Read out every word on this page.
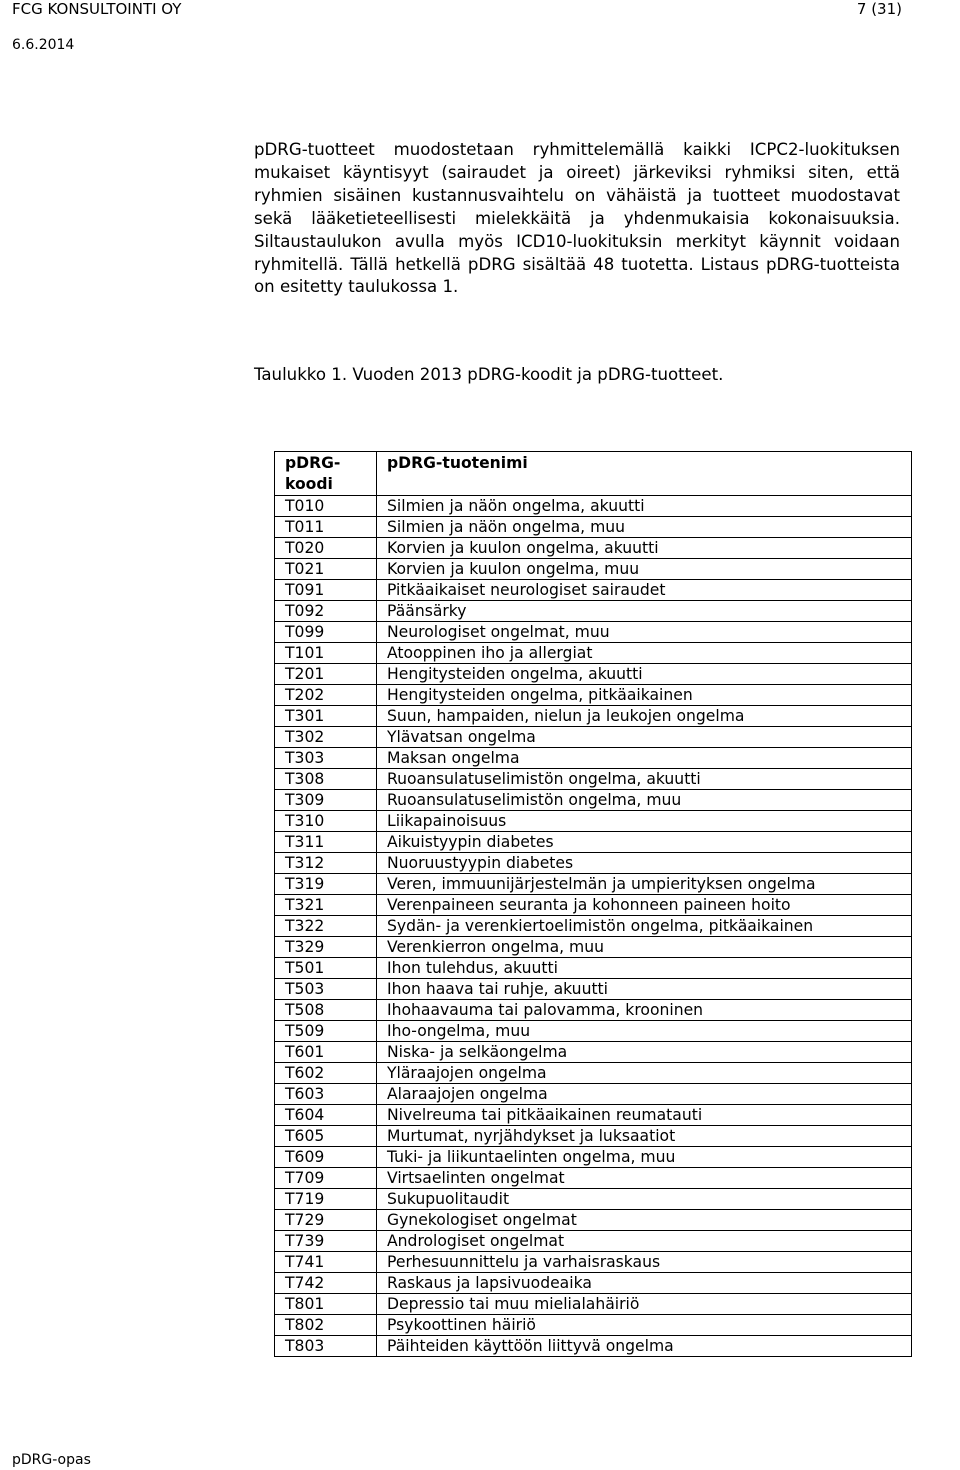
FCG KONSULTOINTI OY	7 (31)
6.6.2014

pDRG-tuotteet muodostetaan ryhmittelemällä kaikki ICPC2-luokituksen mukaiset käyntisyyt (sairaudet ja oireet) järkeviksi ryhmiksi siten, että ryhmien sisäinen kustannusvaihtelu on vähäistä ja tuotteet muodostavat sekä lääketieteellisesti mielekkäitä ja yhdenmukaisia kokonaisuuksia. Siltaustaulukon avulla myös ICD10-luokituksin merkityt käynnit voidaan ryhmitellä. Tällä hetkellä pDRG sisältää 48 tuotetta. Listaus pDRG-tuotteista on esitetty taulukossa 1.

Taulukko 1. Vuoden 2013 pDRG-koodit ja pDRG-tuotteet.

pDRG-koodi	pDRG-tuotenimi
T010	Silmien ja näön ongelma, akuutti
T011	Silmien ja näön ongelma, muu
T020	Korvien ja kuulon ongelma, akuutti
T021	Korvien ja kuulon ongelma, muu
T091	Pitkäaikaiset neurologiset sairaudet
T092	Päänsärky
T099	Neurologiset ongelmat, muu
T101	Atooppinen iho ja allergiat
T201	Hengitysteiden ongelma, akuutti
T202	Hengitysteiden ongelma, pitkäaikainen
T301	Suun, hampaiden, nielun ja leukojen ongelma
T302	Ylävatsan ongelma
T303	Maksan ongelma
T308	Ruoansulatuselimistön ongelma, akuutti
T309	Ruoansulatuselimistön ongelma, muu
T310	Liikapainoisuus
T311	Aikuistyypin diabetes
T312	Nuoruustyypin diabetes
T319	Veren, immuunijärjestelmän ja umpierityksen ongelma
T321	Verenpaineen seuranta ja kohonneen paineen hoito
T322	Sydän- ja verenkiertoelimistön ongelma, pitkäaikainen
T329	Verenkierron ongelma, muu
T501	Ihon tulehdus, akuutti
T503	Ihon haava tai ruhje, akuutti
T508	Ihohaavauma tai palovamma, krooninen
T509	Iho-ongelma, muu
T601	Niska- ja selkäongelma
T602	Yläraajojen ongelma
T603	Alaraajojen ongelma
T604	Nivelreuma tai pitkäaikainen reumatauti
T605	Murtumat, nyrjähdykset ja luksaatiot
T609	Tuki- ja liikuntaelinten ongelma, muu
T709	Virtsaelinten ongelmat
T719	Sukupuolitaudit
T729	Gynekologiset ongelmat
T739	Andrologiset ongelmat
T741	Perhesuunnittelu ja varhaisraskaus
T742	Raskaus ja lapsivuodeaika
T801	Depressio tai muu mielialahäiriö
T802	Psykoottinen häiriö
T803	Päihteiden käyttöön liittyvä ongelma
pDRG-opas
